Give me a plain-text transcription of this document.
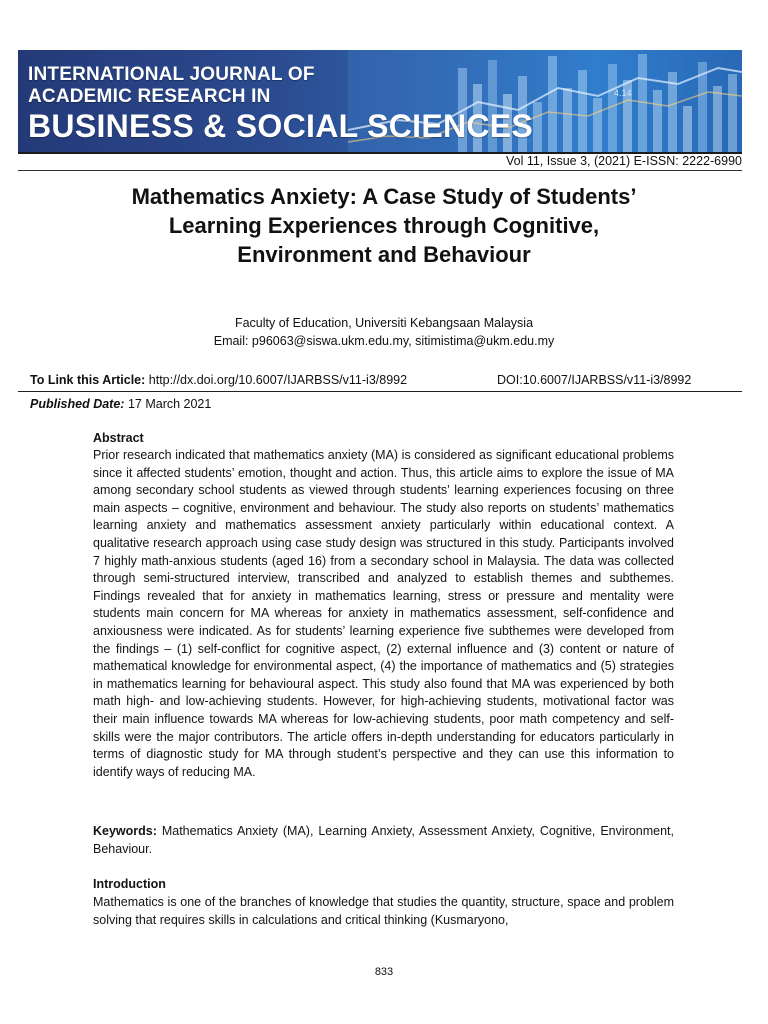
INTERNATIONAL JOURNAL OF
ACADEMIC RESEARCH IN
BUSINESS & SOCIAL SCIENCES
4.14
Vol 11, Issue 3, (2021) E-ISSN: 2222-6990
Mathematics Anxiety: A Case Study of Students’
Learning Experiences through Cognitive,
Environment and Behaviour
Faculty of Education, Universiti Kebangsaan Malaysia
Email: p96063@siswa.ukm.edu.my, sitimistima@ukm.edu.my
To Link this Article: http://dx.doi.org/10.6007/IJARBSS/v11-i3/8992	DOI:10.6007/IJARBSS/v11-i3/8992
Published Date: 17 March 2021
Abstract
Prior research indicated that mathematics anxiety (MA) is considered as significant educational problems since it affected students’ emotion, thought and action. Thus, this article aims to explore the issue of MA among secondary school students as viewed through students’ learning experiences focusing on three main aspects – cognitive, environment and behaviour. The study also reports on students’ mathematics learning anxiety and mathematics assessment anxiety particularly within educational context. A qualitative research approach using case study design was structured in this study. Participants involved 7 highly math-anxious students (aged 16) from a secondary school in Malaysia. The data was collected through semi-structured interview, transcribed and analyzed to establish themes and subthemes. Findings revealed that for anxiety in mathematics learning, stress or pressure and mentality were students main concern for MA whereas for anxiety in mathematics assessment, self-confidence and anxiousness were indicated. As for students’ learning experience five subthemes were developed from the findings – (1) self-conflict for cognitive aspect, (2) external influence and (3) content or nature of mathematical knowledge for environmental aspect, (4) the importance of mathematics and (5) strategies in mathematics learning for behavioural aspect. This study also found that MA was experienced by both math high- and low-achieving students. However, for high-achieving students, motivational factor was their main influence towards MA whereas for low-achieving students, poor math competency and self-skills were the major contributors. The article offers in-depth understanding for educators particularly in terms of diagnostic study for MA through student’s perspective and they can use this information to identify ways of reducing MA.
Keywords: Mathematics Anxiety (MA), Learning Anxiety, Assessment Anxiety, Cognitive, Environment, Behaviour.
Introduction
Mathematics is one of the branches of knowledge that studies the quantity, structure, space and problem solving that requires skills in calculations and critical thinking (Kusmaryono,
833
